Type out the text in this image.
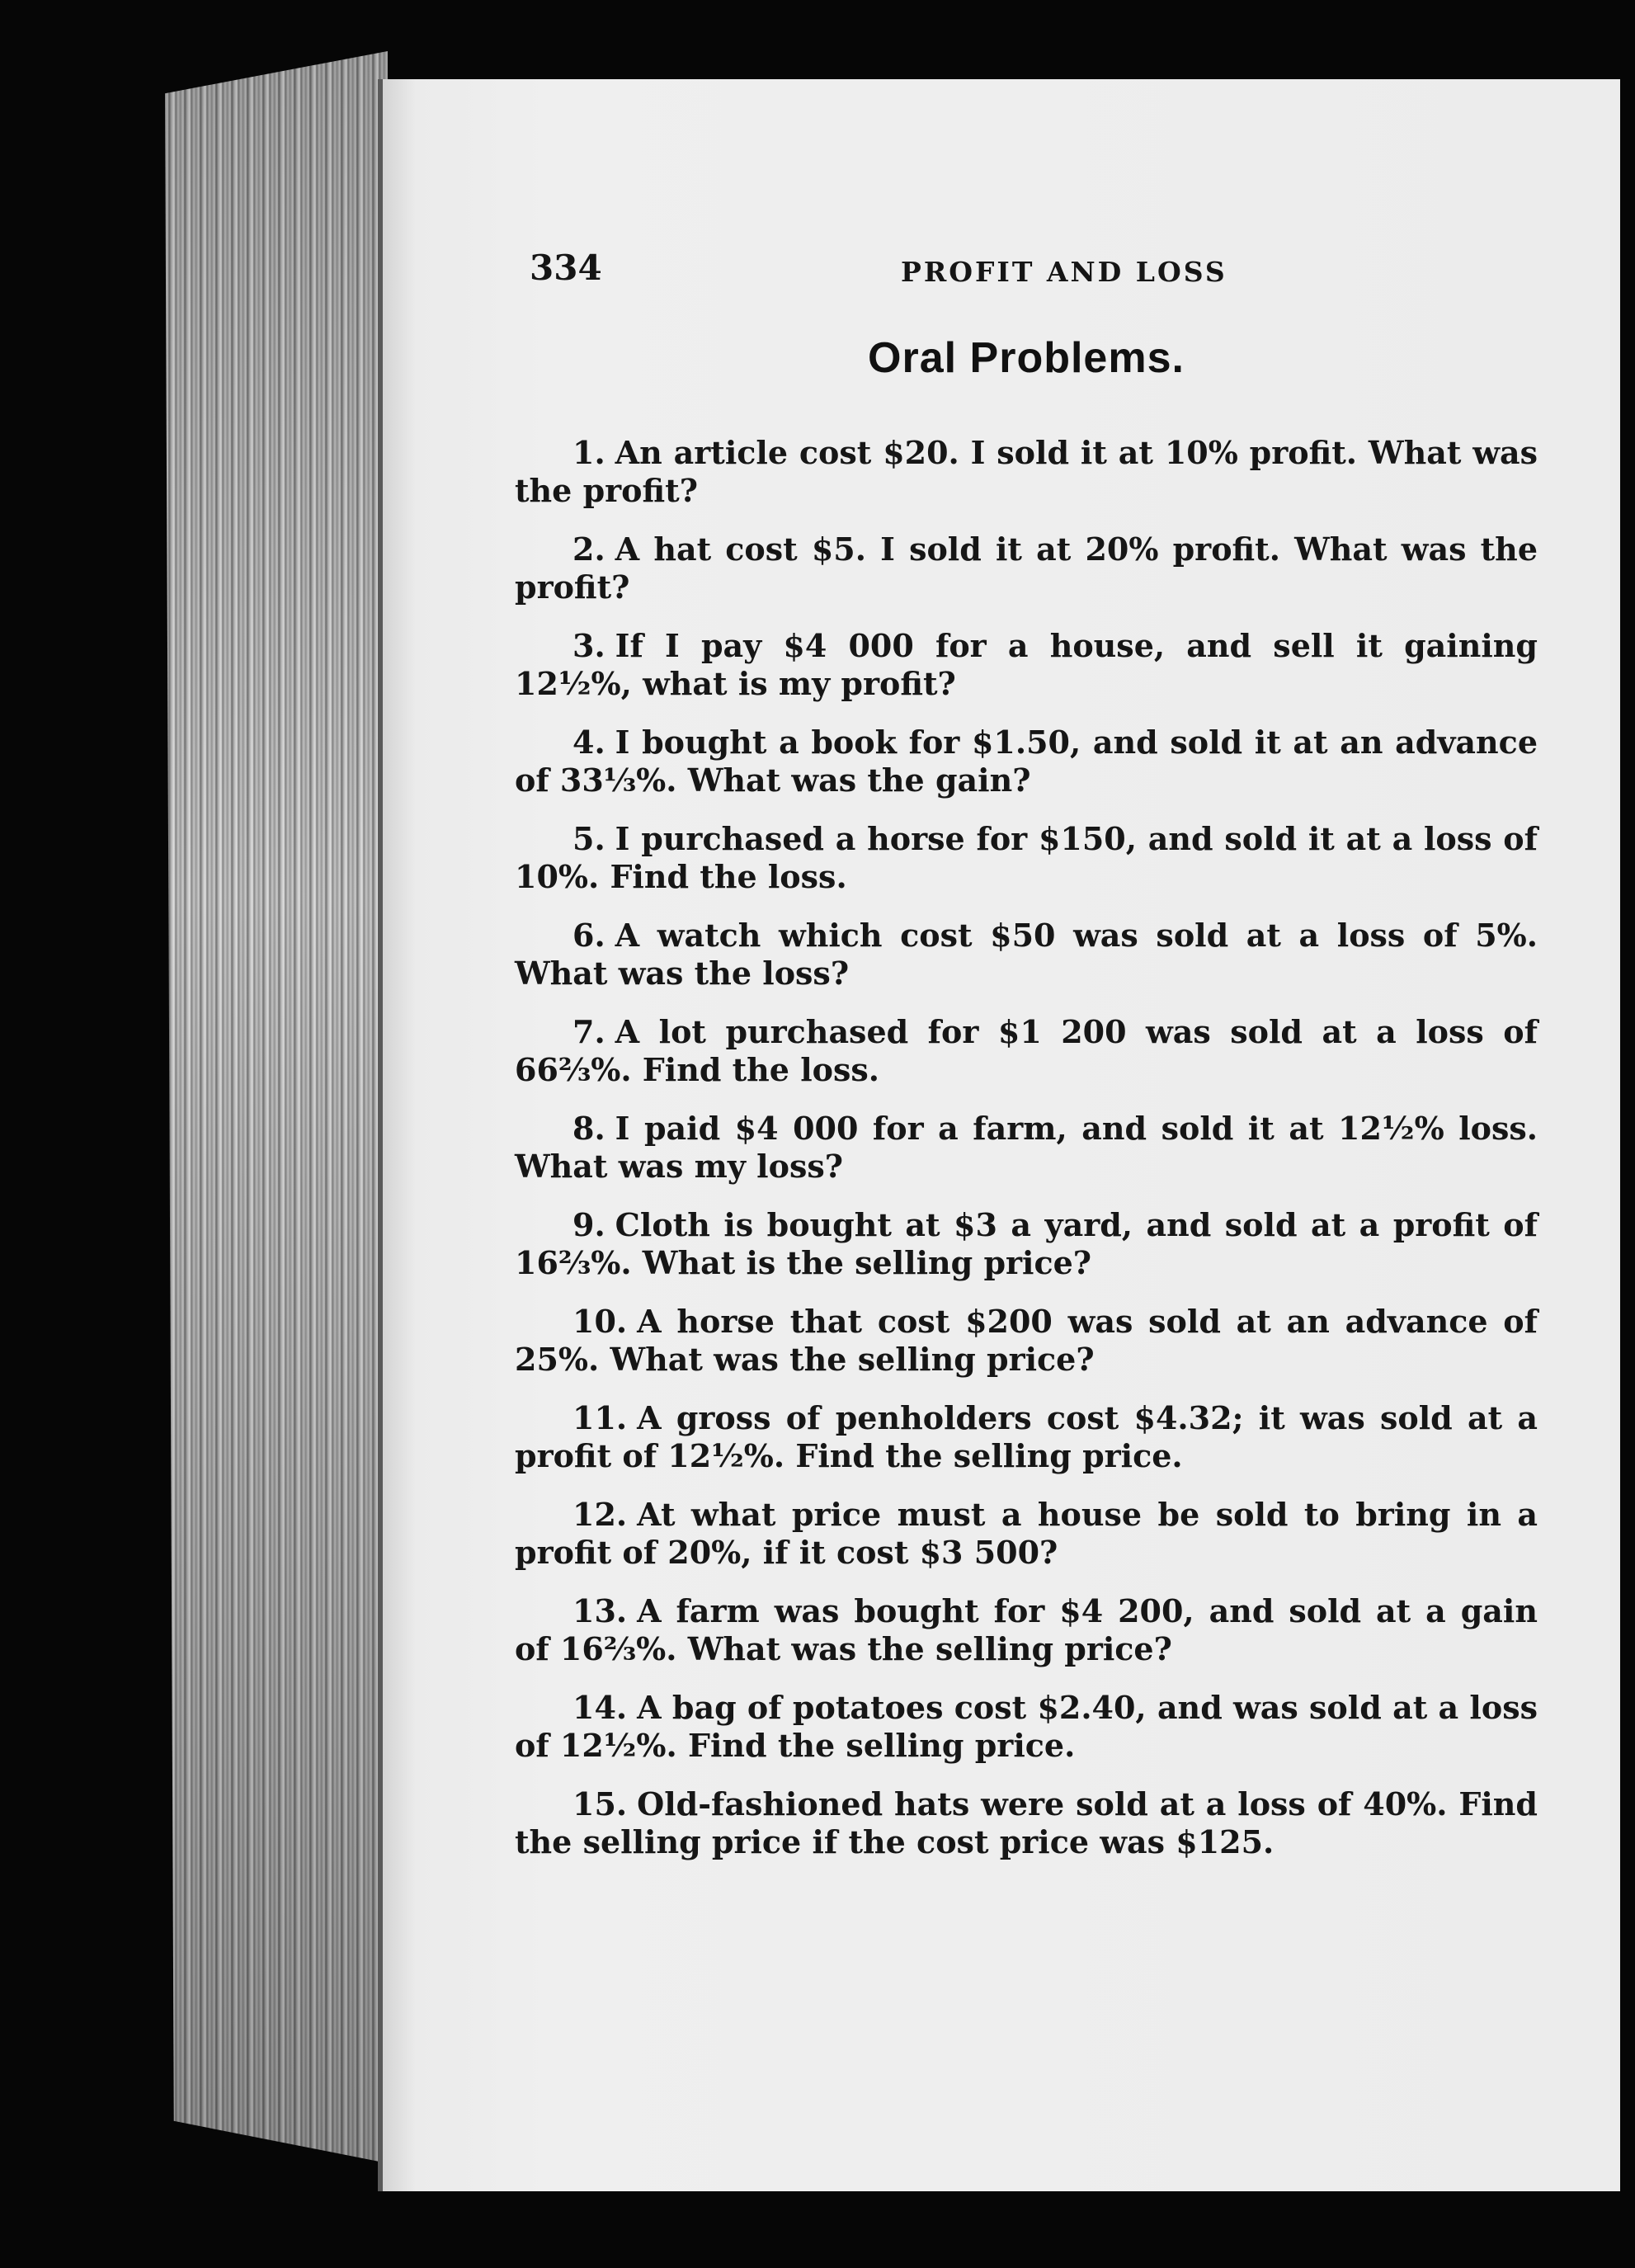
334	PROFIT AND LOSS
Oral Problems.

1. An article cost $20. I sold it at 10% profit. What was the profit?

2. A hat cost $5. I sold it at 20% profit. What was the profit?

3. If I pay $4 000 for a house, and sell it gaining 12½%, what is my profit?

4. I bought a book for $1.50, and sold it at an advance of 33⅓%. What was the gain?

5. I purchased a horse for $150, and sold it at a loss of 10%. Find the loss.

6. A watch which cost $50 was sold at a loss of 5%. What was the loss?

7. A lot purchased for $1 200 was sold at a loss of 66⅔%. Find the loss.

8. I paid $4 000 for a farm, and sold it at 12½% loss. What was my loss?

9. Cloth is bought at $3 a yard, and sold at a profit of 16⅔%. What is the selling price?

10. A horse that cost $200 was sold at an advance of 25%. What was the selling price?

11. A gross of penholders cost $4.32; it was sold at a profit of 12½%. Find the selling price.

12. At what price must a house be sold to bring in a profit of 20%, if it cost $3 500?

13. A farm was bought for $4 200, and sold at a gain of 16⅔%. What was the selling price?

14. A bag of potatoes cost $2.40, and was sold at a loss of 12½%. Find the selling price.

15. Old-fashioned hats were sold at a loss of 40%. Find the selling price if the cost price was $125.
